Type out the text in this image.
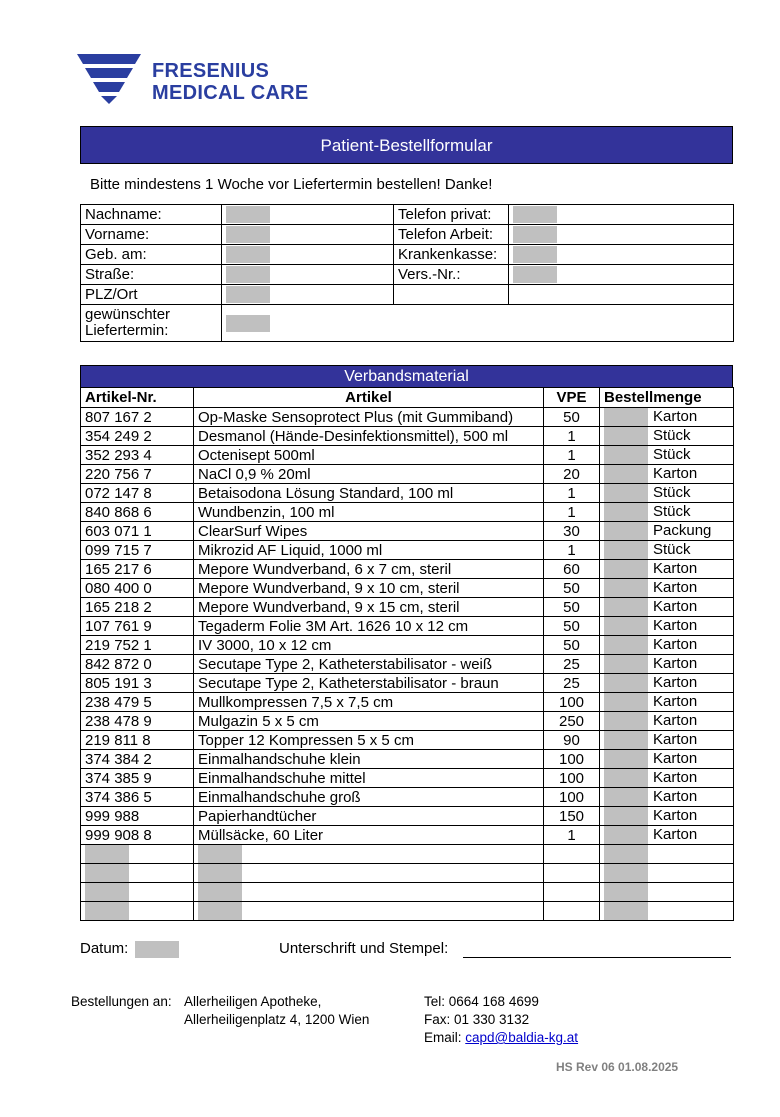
FRESENIUS
MEDICAL CARE
Patient-Bestellformular
Bitte mindestens 1 Woche vor Liefertermin bestellen! Danke!
Nachname:		Telefon privat:	
Vorname:		Telefon Arbeit:	
Geb. am:		Krankenkasse:	
Straße:		Vers.-Nr.:	
PLZ/Ort			

gewünschter
Liefertermin:			

Verbandsmaterial
Artikel-Nr.	Artikel	VPE	Bestellmenge
807 167 2	Op-Maske Sensoprotect Plus (mit Gummiband)	50	Karton

354 249 2	Desmanol (Hände-Desinfektionsmittel), 500 ml	1	Stück

352 293 4	Octenisept 500ml	1	Stück

220 756 7	NaCl 0,9 % 20ml	20	Karton

072 147 8	Betaisodona Lösung Standard, 100 ml	1	Stück

840 868 6	Wundbenzin, 100 ml	1	Stück

603 071 1	ClearSurf Wipes	30	Packung

099 715 7	Mikrozid AF Liquid, 1000 ml	1	Stück

165 217 6	Mepore Wundverband, 6 x 7 cm, steril	60	Karton

080 400 0	Mepore Wundverband, 9 x 10 cm, steril	50	Karton

165 218 2	Mepore Wundverband, 9 x 15 cm, steril	50	Karton

107 761 9	Tegaderm Folie 3M Art. 1626 10 x 12 cm	50	Karton

219 752 1	IV 3000, 10 x 12 cm	50	Karton

842 872 0	Secutape Type 2, Katheterstabilisator - weiß	25	Karton

805 191 3	Secutape Type 2, Katheterstabilisator - braun	25	Karton

238 479 5	Mullkompressen 7,5 x 7,5 cm	100	Karton

238 478 9	Mulgazin 5 x 5 cm	250	Karton

219 811 8	Topper 12 Kompressen 5 x 5 cm	90	Karton

374 384 2	Einmalhandschuhe klein	100	Karton

374 385 9	Einmalhandschuhe mittel	100	Karton

374 386 5	Einmalhandschuhe groß	100	Karton

999 988	Papierhandtücher	150	Karton

999 908 8	Müllsäcke, 60 Liter	1	Karton

Datum:	Unterschrift und Stempel:
Bestellungen an: Allerheiligen Apotheke,
Allerheiligenplatz 4, 1200 Wien
Tel: 0664 168 4699
Fax: 01 330 3132
Email: capd@baldia-kg.at
HS Rev 06 01.08.2025
